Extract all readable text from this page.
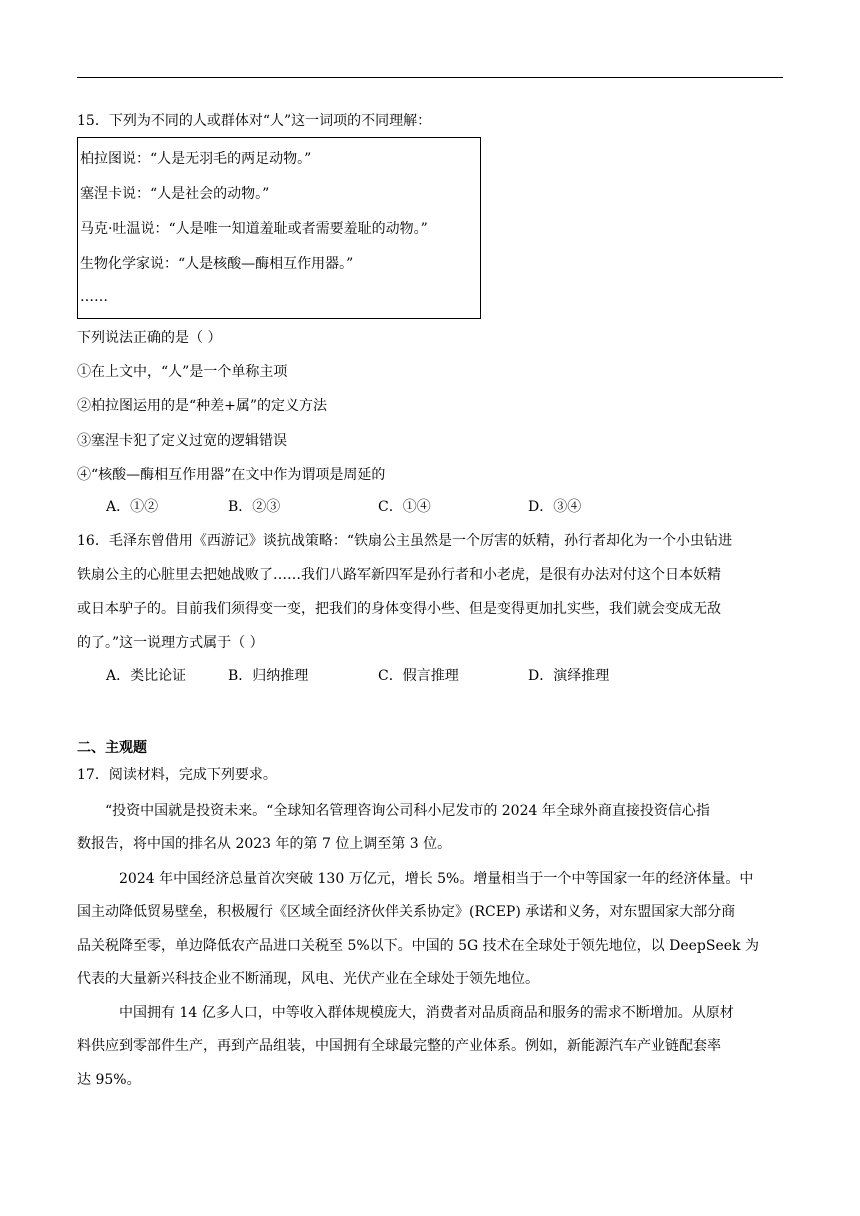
15．下列为不同的人或群体对“人”这一词项的不同理解：
柏拉图说：“人是无羽毛的两足动物。”
塞涅卡说：“人是社会的动物。”
马克·吐温说：“人是唯一知道羞耻或者需要羞耻的动物。”
生物化学家说：“人是核酸—酶相互作用器。”
……
下列说法正确的是（ ）
①在上文中，“人”是一个单称主项
②柏拉图运用的是“种差+属”的定义方法
③塞涅卡犯了定义过宽的逻辑错误
④“核酸—酶相互作用器”在文中作为谓项是周延的
A．①②	B．②③	C．①④	D．③④
16．毛泽东曾借用《西游记》谈抗战策略：“铁扇公主虽然是一个厉害的妖精，孙行者却化为一个小虫钻进
铁扇公主的心脏里去把她战败了……我们八路军新四军是孙行者和小老虎，是很有办法对付这个日本妖精
或日本驴子的。目前我们须得变一变，把我们的身体变得小些、但是变得更加扎实些，我们就会变成无敌
的了。”这一说理方式属于（ ）
A．类比论证	B．归纳推理	C．假言推理	D．演绎推理
二、主观题
17．阅读材料，完成下列要求。
“投资中国就是投资未来。“全球知名管理咨询公司科小尼发市的 2024 年全球外商直接投资信心指
数报告，将中国的排名从 2023 年的第 7 位上调至第 3 位。
2024 年中国经济总量首次突破 130 万亿元，增长 5%。增量相当于一个中等国家一年的经济体量。中
国主动降低贸易壁垒，积极履行《区域全面经济伙伴关系协定》(RCEP) 承诺和义务，对东盟国家大部分商
品关税降至零，单边降低农产品进口关税至 5%以下。中国的 5G 技术在全球处于领先地位，以 DeepSeek 为
代表的大量新兴科技企业不断涌现，风电、光伏产业在全球处于领先地位。
中国拥有 14 亿多人口，中等收入群体规模庞大，消费者对品质商品和服务的需求不断增加。从原材
料供应到零部件生产，再到产品组装，中国拥有全球最完整的产业体系。例如，新能源汽车产业链配套率
达 95%。
